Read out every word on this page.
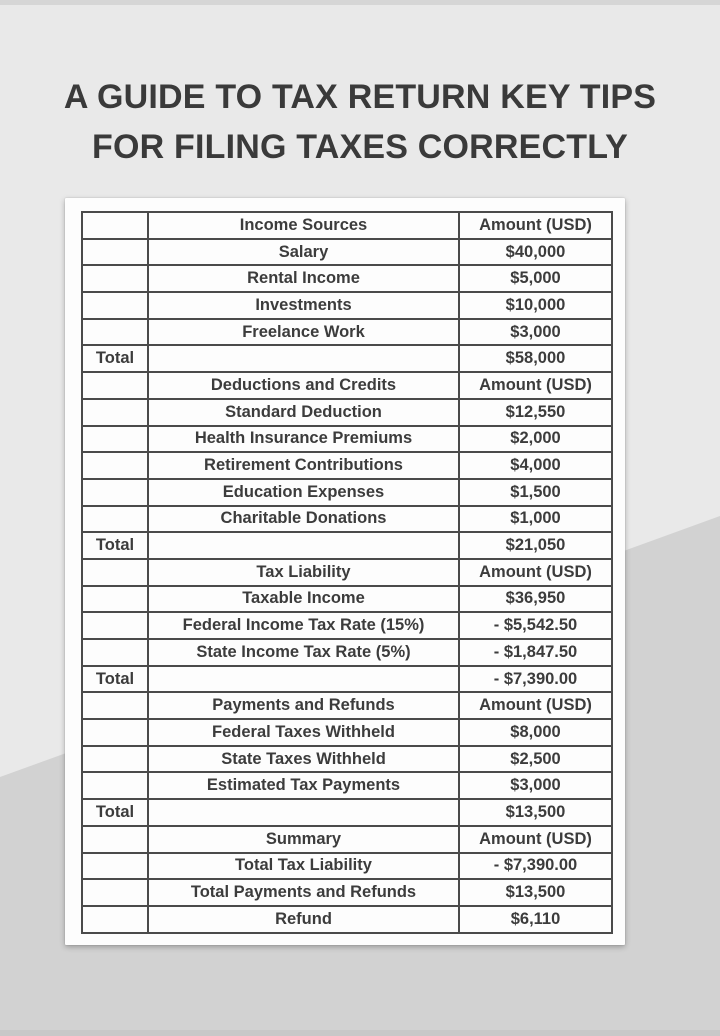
A GUIDE TO TAX RETURN KEY TIPS
FOR FILING TAXES CORRECTLY
	Income Sources	Amount (USD)
	Salary	$40,000
	Rental Income	$5,000
	Investments	$10,000
	Freelance Work	$3,000
Total		$58,000
	Deductions and Credits	Amount (USD)
	Standard Deduction	$12,550
	Health Insurance Premiums	$2,000
	Retirement Contributions	$4,000
	Education Expenses	$1,500
	Charitable Donations	$1,000
Total		$21,050
	Tax Liability	Amount (USD)
	Taxable Income	$36,950
	Federal Income Tax Rate (15%)	- $5,542.50
	State Income Tax Rate (5%)	- $1,847.50
Total		- $7,390.00
	Payments and Refunds	Amount (USD)
	Federal Taxes Withheld	$8,000
	State Taxes Withheld	$2,500
	Estimated Tax Payments	$3,000
Total		$13,500
	Summary	Amount (USD)
	Total Tax Liability	- $7,390.00
	Total Payments and Refunds	$13,500
	Refund	$6,110
